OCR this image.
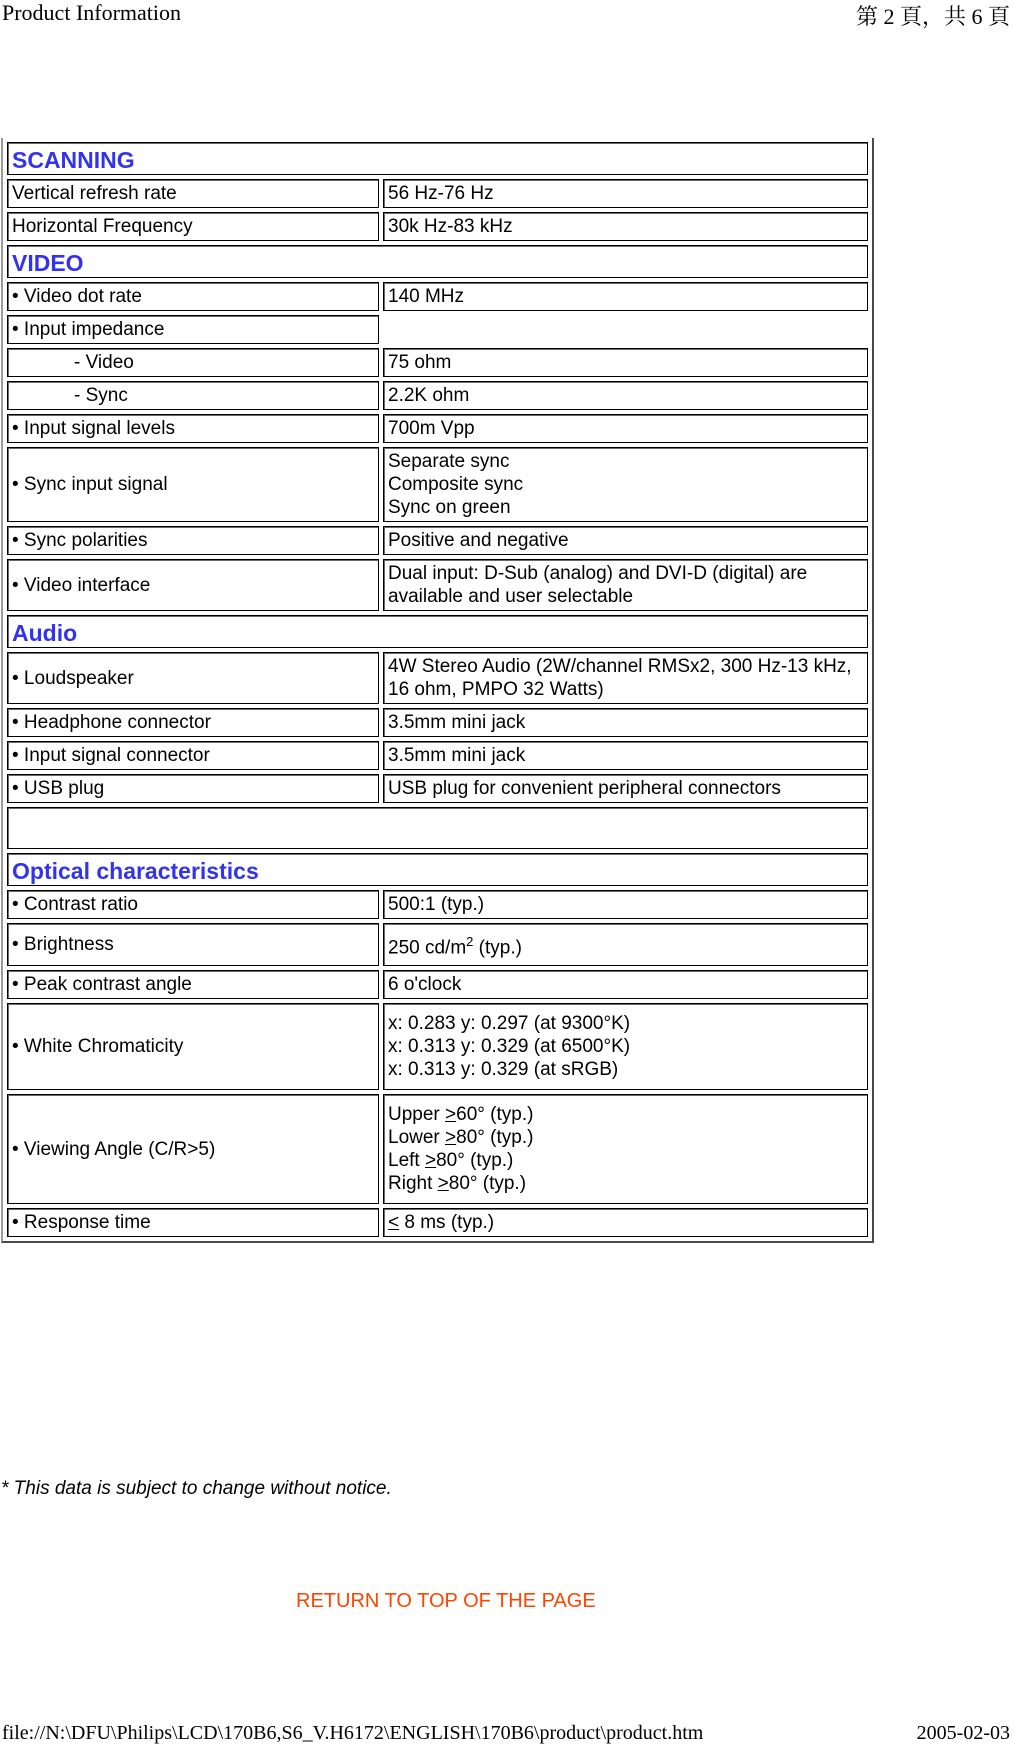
Product Information	第 2 頁，共 6 頁
SCANNING	
Vertical refresh rate	56 Hz-76 Hz
Horizontal Frequency	30k Hz-83 kHz
VIDEO	
• Video dot rate	140 MHz
• Input impedance	
- Video	75 ohm
- Sync	2.2K ohm
• Input signal levels	700m Vpp
• Sync input signal	Separate sync
Composite sync
Sync on green

• Sync polarities	Positive and negative
• Video interface	Dual input: D-Sub (analog) and DVI-D (digital) are available and user selectable
Audio	
• Loudspeaker	4W Stereo Audio (2W/channel RMSx2, 300 Hz-13 kHz, 16 ohm, PMPO 32 Watts)
• Headphone connector	3.5mm mini jack
• Input signal connector	3.5mm mini jack
• USB plug	USB plug for convenient peripheral connectors

Optical characteristics	
• Contrast ratio	500:1 (typ.)
• Brightness	250 $cd/m^2$ (typ.)
• Peak contrast angle	6 o'clock
• White Chromaticity	x: 0.283 y: 0.297 (at 9300°K)
x: 0.313 y: 0.329 (at 6500°K)
x: 0.313 y: 0.329 (at sRGB)

• Viewing Angle (C/R>5)	Upper ≥60° (typ.)
Lower ≥80° (typ.)
Left ≥80° (typ.)
Right ≥80° (typ.)

• Response time	≤ 8 ms (typ.)
* This data is subject to change without notice.
RETURN TO TOP OF THE PAGE
file://N:\DFU\Philips\LCD\170B6,S6_V.H6172\ENGLISH\170B6\product\product.htm	2005-02-03
